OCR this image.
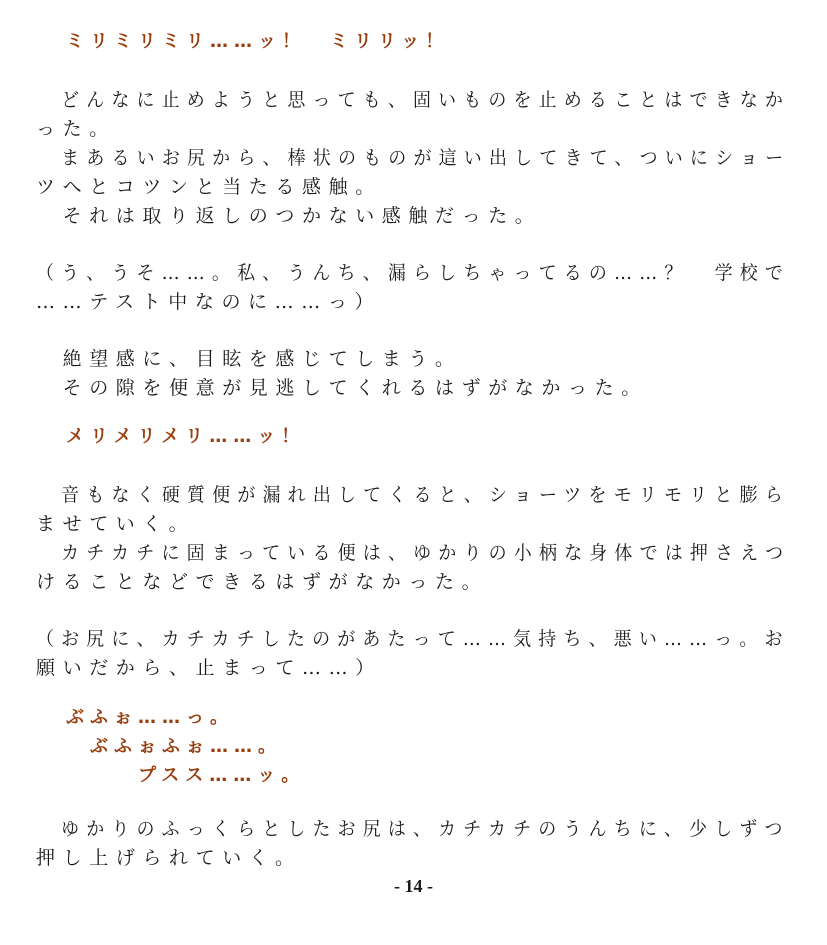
ミリミリミリ……ッ！　ミリリッ！
　どんなに止めようと思っても、固いものを止めることはできなか
った。
　まあるいお尻から、棒状のものが這い出してきて、ついにショー
ツへとコツンと当たる感触。
　それは取り返しのつかない感触だった。
（う、うそ……。私、うんち、漏らしちゃってるの……？　学校で
……テスト中なのに……っ）
　絶望感に、目眩を感じてしまう。
　その隙を便意が見逃してくれるはずがなかった。
メリメリメリ……ッ！
　音もなく硬質便が漏れ出してくると、ショーツをモリモリと膨ら
ませていく。
　カチカチに固まっている便は、ゆかりの小柄な身体では押さえつ
けることなどできるはずがなかった。
（お尻に、カチカチしたのがあたって……気持ち、悪い……っ。お
願いだから、止まって……）
ぶふぉ……っ。
ぶふぉふぉ……。
プスス……ッ。
　ゆかりのふっくらとしたお尻は、カチカチのうんちに、少しずつ
押し上げられていく。
- 14 -
